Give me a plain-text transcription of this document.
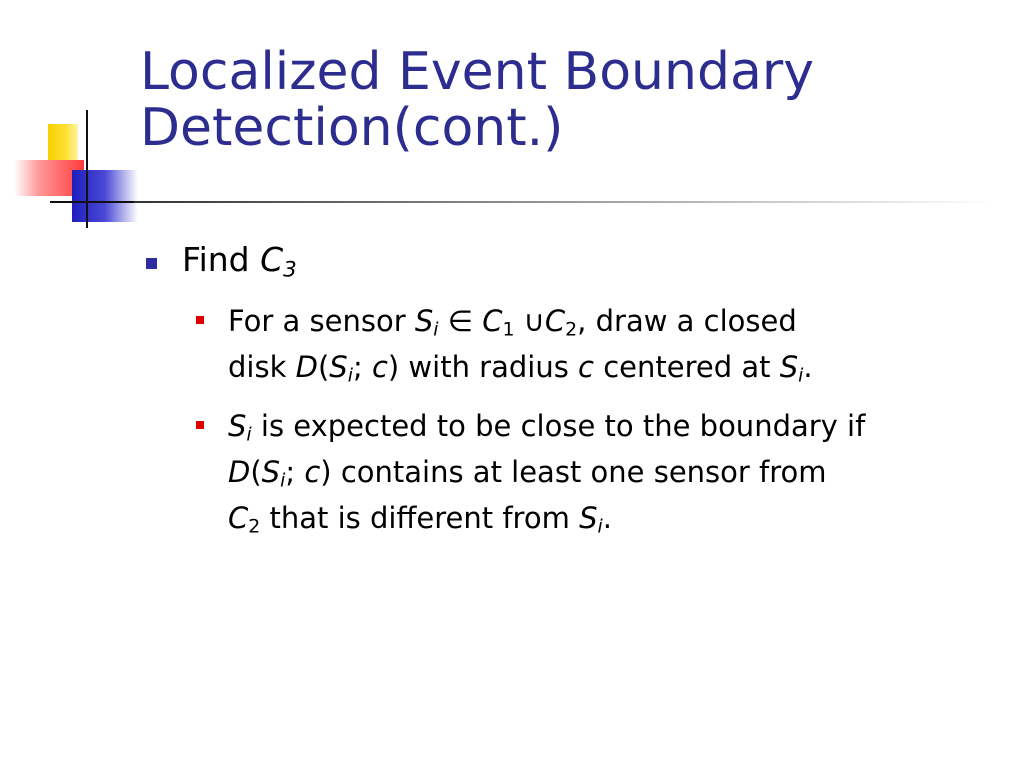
Localized Event Boundary
Detection(cont.)
Find $C_3$
For a sensor $S_i$ ∈ $C_1$ $\cup C_2$, draw a closed
disk $D(S_i$; c) with radius c centered at $S_i$.
$S_i$ is expected to be close to the boundary if
$D(S_i$; c) contains at least one sensor from
$C_2$ that is different from $S_i$.
